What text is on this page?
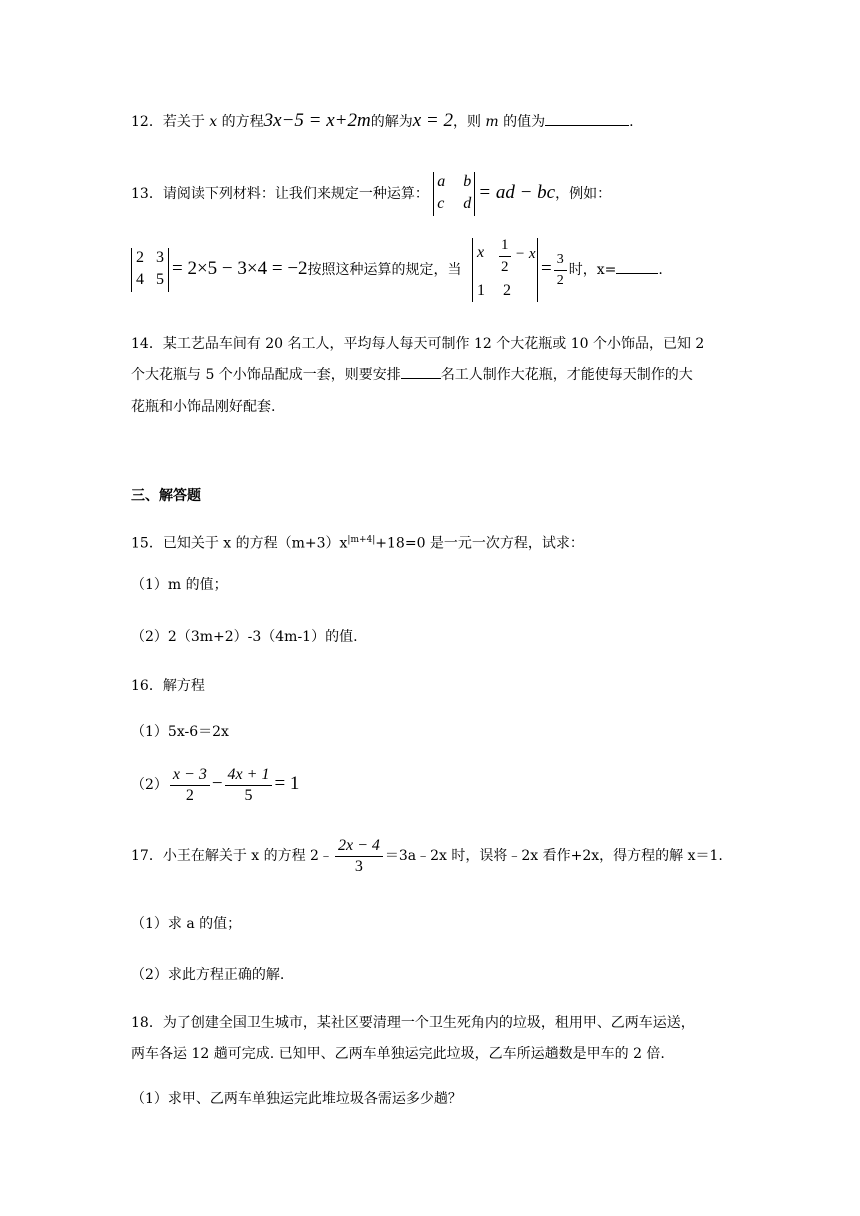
12．若关于 x 的方程3x−5 = x+2m的解为x = 2，则 m 的值为	.
13．请阅读下列材料：让我们来规定一种运算：
a b
c d
= ad − bc，例如：
2 3
4 5
= 2×5 − 3×4 = −2按照这种运算的规定，当
x 1
2
− x
1 2
= $\frac{3}{2}$ 时，x=	.
14．某工艺品车间有 20 名工人，平均每人每天可制作 12 个大花瓶或 10 个小饰品，已知 2
个大花瓶与 5 个小饰品配成一套，则要安排	名工人制作大花瓶，才能使每天制作的大
花瓶和小饰品刚好配套.
三、解答题
15．已知关于 x 的方程$(m+3)x^{|m+4|}+18=0$ 是一元一次方程，试求：
（1）m 的值；
（2）2（3m+2）-3（4m-1）的值.
16．解方程
（1）5x-6＝2x
$(2) \frac{x - 3}{2} - \frac{4x + 1}{5} = 1$
17．小王在解关于 x 的方程 2﹣ $\frac{2x - 4}{3}$ ＝3a﹣2x 时，误将﹣2x 看作+2x，得方程的解 x＝1.
（1）求 a 的值；
（2）求此方程正确的解.
18．为了创建全国卫生城市，某社区要清理一个卫生死角内的垃圾，租用甲、乙两车运送，
两车各运 12 趟可完成. 已知甲、乙两车单独运完此垃圾，乙车所运趟数是甲车的 2 倍.
（1）求甲、乙两车单独运完此堆垃圾各需运多少趟？
